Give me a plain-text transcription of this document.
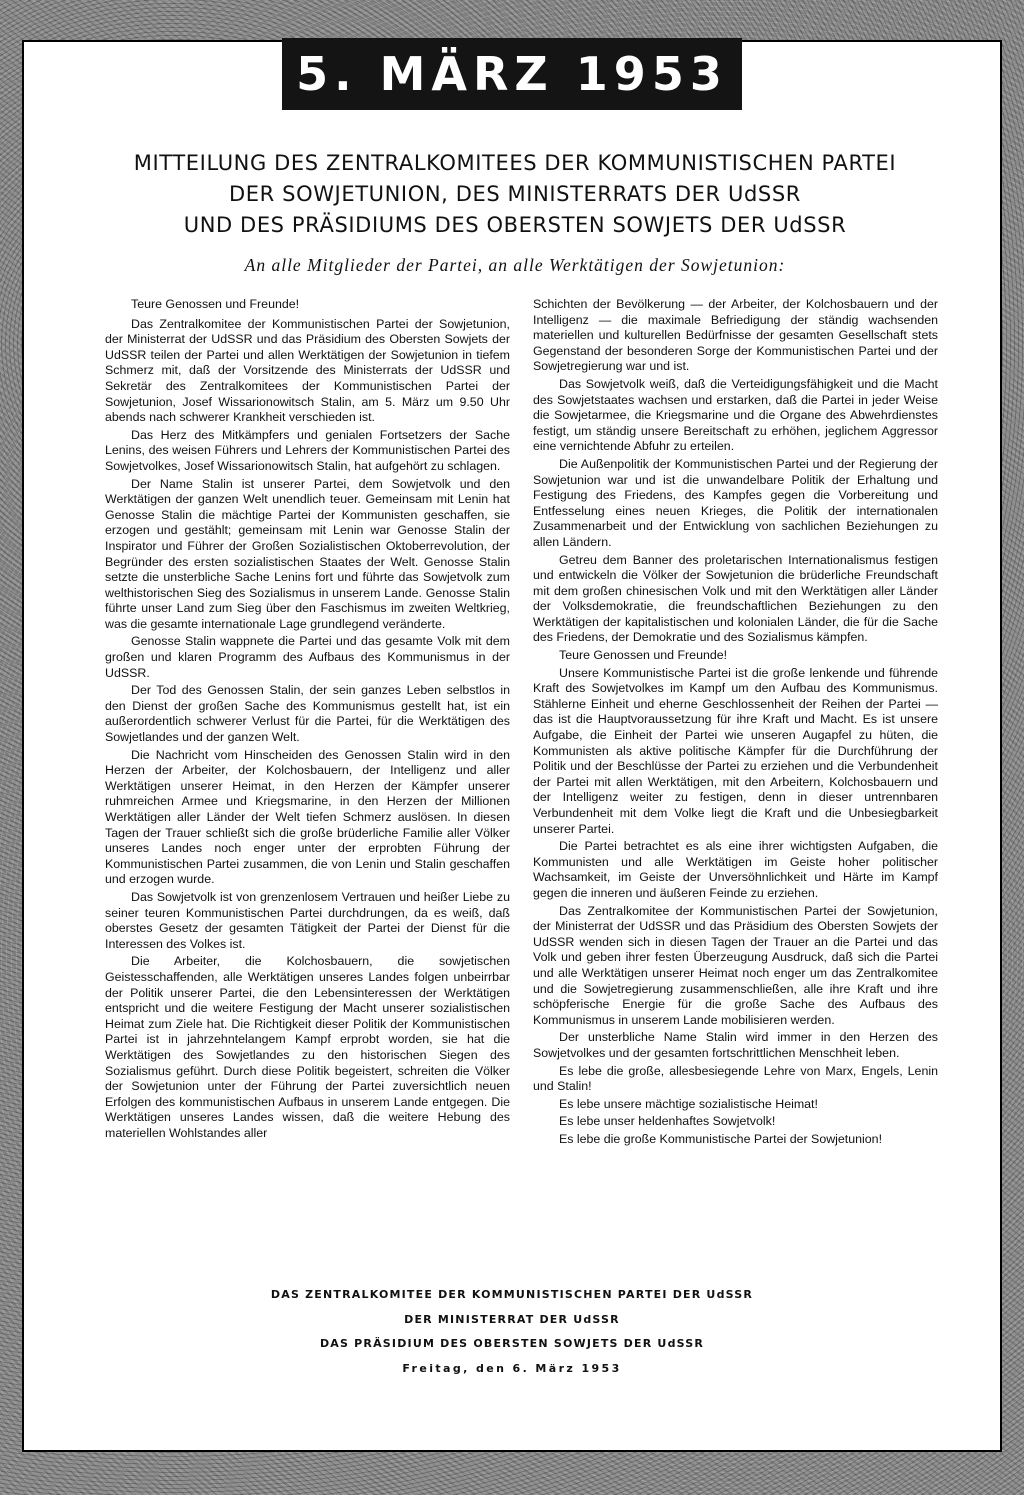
5. MÄRZ 1953
MITTEILUNG DES ZENTRALKOMITEES DER KOMMUNISTISCHEN PARTEI
DER SOWJETUNION, DES MINISTERRATS DER UdSSR
UND DES PRÄSIDIUMS DES OBERSTEN SOWJETS DER UdSSR
An alle Mitglieder der Partei, an alle Werktätigen der Sowjetunion:

Teure Genossen und Freunde!

Das Zentralkomitee der Kommunistischen Partei der Sowjetunion, der Ministerrat der UdSSR und das Präsidium des Obersten Sowjets der UdSSR teilen der Partei und allen Werktätigen der Sowjetunion in tiefem Schmerz mit, daß der Vorsitzende des Ministerrats der UdSSR und Sekretär des Zentralkomitees der Kommunistischen Partei der Sowjetunion, Josef Wissarionowitsch Stalin, am 5. März um 9.50 Uhr abends nach schwerer Krankheit verschieden ist.

Das Herz des Mitkämpfers und genialen Fortsetzers der Sache Lenins, des weisen Führers und Lehrers der Kommunistischen Partei des Sowjetvolkes, Josef Wissarionowitsch Stalin, hat aufgehört zu schlagen.

Der Name Stalin ist unserer Partei, dem Sowjetvolk und den Werktätigen der ganzen Welt unendlich teuer. Gemeinsam mit Lenin hat Genosse Stalin die mächtige Partei der Kommunisten geschaffen, sie erzogen und gestählt; gemeinsam mit Lenin war Genosse Stalin der Inspirator und Führer der Großen Sozialistischen Oktoberrevolution, der Begründer des ersten sozialistischen Staates der Welt. Genosse Stalin setzte die unsterbliche Sache Lenins fort und führte das Sowjetvolk zum welthistorischen Sieg des Sozialismus in unserem Lande. Genosse Stalin führte unser Land zum Sieg über den Faschismus im zweiten Weltkrieg, was die gesamte internationale Lage grundlegend veränderte.

Genosse Stalin wappnete die Partei und das gesamte Volk mit dem großen und klaren Programm des Aufbaus des Kommunismus in der UdSSR.

Der Tod des Genossen Stalin, der sein ganzes Leben selbstlos in den Dienst der großen Sache des Kommunismus gestellt hat, ist ein außerordentlich schwerer Verlust für die Partei, für die Werktätigen des Sowjetlandes und der ganzen Welt.

Die Nachricht vom Hinscheiden des Genossen Stalin wird in den Herzen der Arbeiter, der Kolchosbauern, der Intelligenz und aller Werktätigen unserer Heimat, in den Herzen der Kämpfer unserer ruhmreichen Armee und Kriegsmarine, in den Herzen der Millionen Werktätigen aller Länder der Welt tiefen Schmerz auslösen. In diesen Tagen der Trauer schließt sich die große brüderliche Familie aller Völker unseres Landes noch enger unter der erprobten Führung der Kommunistischen Partei zusammen, die von Lenin und Stalin geschaffen und erzogen wurde.

Das Sowjetvolk ist von grenzenlosem Vertrauen und heißer Liebe zu seiner teuren Kommunistischen Partei durchdrungen, da es weiß, daß oberstes Gesetz der gesamten Tätigkeit der Partei der Dienst für die Interessen des Volkes ist.

Die Arbeiter, die Kolchosbauern, die sowjetischen Geistesschaffenden, alle Werktätigen unseres Landes folgen unbeirrbar der Politik unserer Partei, die den Lebensinteressen der Werktätigen entspricht und die weitere Festigung der Macht unserer sozialistischen Heimat zum Ziele hat. Die Richtigkeit dieser Politik der Kommunistischen Partei ist in jahrzehntelangem Kampf erprobt worden, sie hat die Werktätigen des Sowjetlandes zu den historischen Siegen des Sozialismus geführt. Durch diese Politik begeistert, schreiten die Völker der Sowjetunion unter der Führung der Partei zuversichtlich neuen Erfolgen des kommunistischen Aufbaus in unserem Lande entgegen. Die Werktätigen unseres Landes wissen, daß die weitere Hebung des materiellen Wohlstandes aller

Schichten der Bevölkerung — der Arbeiter, der Kolchosbauern und der Intelligenz — die maximale Befriedigung der ständig wachsenden materiellen und kulturellen Bedürfnisse der gesamten Gesellschaft stets Gegenstand der besonderen Sorge der Kommunistischen Partei und der Sowjetregierung war und ist.

Das Sowjetvolk weiß, daß die Verteidigungsfähigkeit und die Macht des Sowjetstaates wachsen und erstarken, daß die Partei in jeder Weise die Sowjetarmee, die Kriegsmarine und die Organe des Abwehrdienstes festigt, um ständig unsere Bereitschaft zu erhöhen, jeglichem Aggressor eine vernichtende Abfuhr zu erteilen.

Die Außenpolitik der Kommunistischen Partei und der Regierung der Sowjetunion war und ist die unwandelbare Politik der Erhaltung und Festigung des Friedens, des Kampfes gegen die Vorbereitung und Entfesselung eines neuen Krieges, die Politik der internationalen Zusammenarbeit und der Entwicklung von sachlichen Beziehungen zu allen Ländern.

Getreu dem Banner des proletarischen Internationalismus festigen und entwickeln die Völker der Sowjetunion die brüderliche Freundschaft mit dem großen chinesischen Volk und mit den Werktätigen aller Länder der Volksdemokratie, die freundschaftlichen Beziehungen zu den Werktätigen der kapitalistischen und kolonialen Länder, die für die Sache des Friedens, der Demokratie und des Sozialismus kämpfen.

Teure Genossen und Freunde!

Unsere Kommunistische Partei ist die große lenkende und führende Kraft des Sowjetvolkes im Kampf um den Aufbau des Kommunismus. Stählerne Einheit und eherne Geschlossenheit der Reihen der Partei — das ist die Hauptvoraussetzung für ihre Kraft und Macht. Es ist unsere Aufgabe, die Einheit der Partei wie unseren Augapfel zu hüten, die Kommunisten als aktive politische Kämpfer für die Durchführung der Politik und der Beschlüsse der Partei zu erziehen und die Verbundenheit der Partei mit allen Werktätigen, mit den Arbeitern, Kolchosbauern und der Intelligenz weiter zu festigen, denn in dieser untrennbaren Verbundenheit mit dem Volke liegt die Kraft und die Unbesiegbarkeit unserer Partei.

Die Partei betrachtet es als eine ihrer wichtigsten Aufgaben, die Kommunisten und alle Werktätigen im Geiste hoher politischer Wachsamkeit, im Geiste der Unversöhnlichkeit und Härte im Kampf gegen die inneren und äußeren Feinde zu erziehen.

Das Zentralkomitee der Kommunistischen Partei der Sowjetunion, der Ministerrat der UdSSR und das Präsidium des Obersten Sowjets der UdSSR wenden sich in diesen Tagen der Trauer an die Partei und das Volk und geben ihrer festen Überzeugung Ausdruck, daß sich die Partei und alle Werktätigen unserer Heimat noch enger um das Zentralkomitee und die Sowjetregierung zusammenschließen, alle ihre Kraft und ihre schöpferische Energie für die große Sache des Aufbaus des Kommunismus in unserem Lande mobilisieren werden.

Der unsterbliche Name Stalin wird immer in den Herzen des Sowjetvolkes und der gesamten fortschrittlichen Menschheit leben.

Es lebe die große, allesbesiegende Lehre von Marx, Engels, Lenin und Stalin!

Es lebe unsere mächtige sozialistische Heimat!

Es lebe unser heldenhaftes Sowjetvolk!

Es lebe die große Kommunistische Partei der Sowjetunion!

DAS ZENTRALKOMITEE DER KOMMUNISTISCHEN PARTEI DER UdSSR
DER MINISTERRAT DER UdSSR
DAS PRÄSIDIUM DES OBERSTEN SOWJETS DER UdSSR
Freitag, den 6. März 1953
